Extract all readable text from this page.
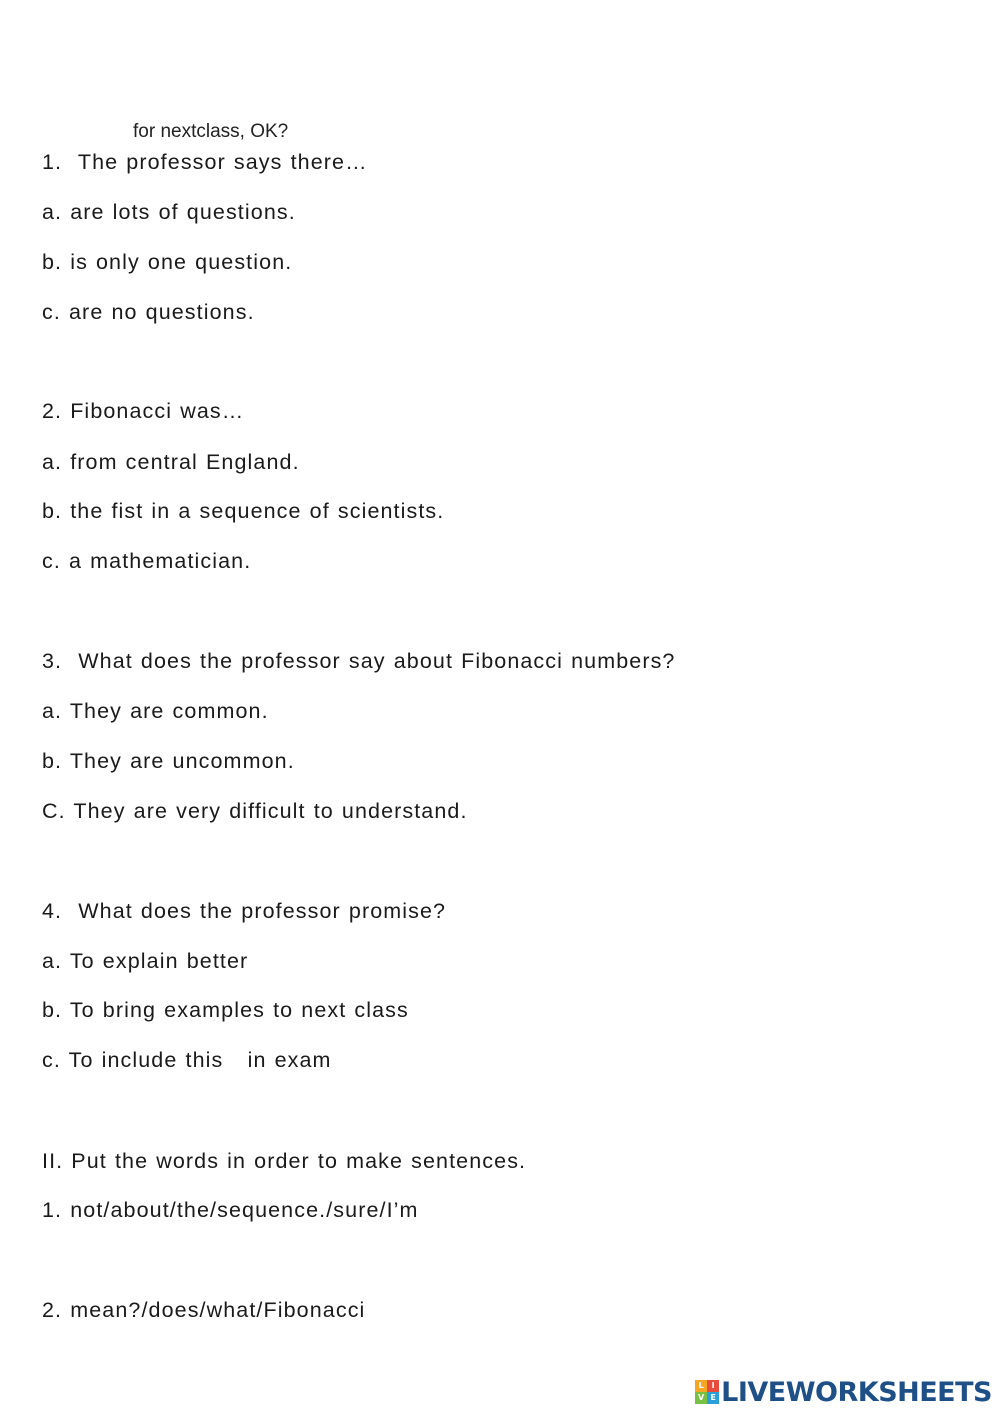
for nextclass, OK?
1.  The professor says there…
a. are lots of questions.
b. is only one question.
c. are no questions.
2. Fibonacci was…
a. from central England.
b. the fist in a sequence of scientists.
c. a mathematician.
3.  What does the professor say about Fibonacci numbers?
a. They are common.
b. They are uncommon.
C. They are very difficult to understand.
4.  What does the professor promise?
a. To explain better
b. To bring examples to next class
c. To include this   in exam
II. Put the words in order to make sentences.
1. not/about/the/sequence./sure/I’m
2. mean?/does/what/Fibonacci
L I
V E LIVEWORKSHEETS
